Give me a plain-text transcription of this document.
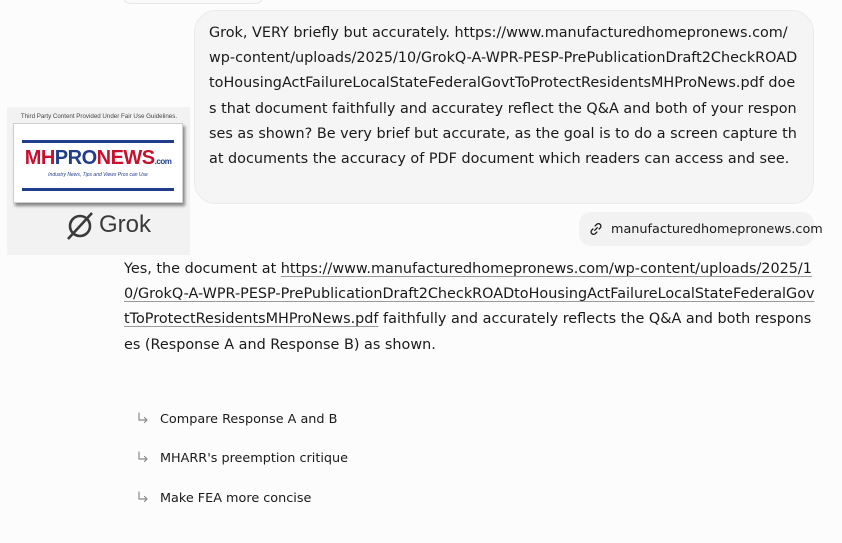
Grok, VERY briefly but accurately. https://www.manufacturedhomepronews.com/wp-content/uploads/2025/10/GrokQ-A-WPR-PESP-PrePublicationDraft2CheckROADtoHousingActFailureLocalStateFederalGovtToProtectResidentsMHProNews.pdf does that document faithfully and accuratey reflect the Q&A and both of your responses as shown? Be very brief but accurate, as the goal is to do a screen capture that documents the accuracy of PDF document which readers can access and see.
Third Party Content Provided Under Fair Use Guidelines.
MHPRONEWS.com
Industry News, Tips and Views Pros can Use
Grok	manufacturedhomepronews.com
Yes, the document at https://www.manufacturedhomepronews.com/wp-content/uploads/2025/10/GrokQ-A-WPR-PESP-PrePublicationDraft2CheckROADtoHousingActFailureLocalStateFederalGovtToProtectResidentsMHProNews.pdf faithfully and accurately reflects the Q&A and both responses (Response A and Response B) as shown.
Compare Response A and B
MHARR's preemption critique
Make FEA more concise
